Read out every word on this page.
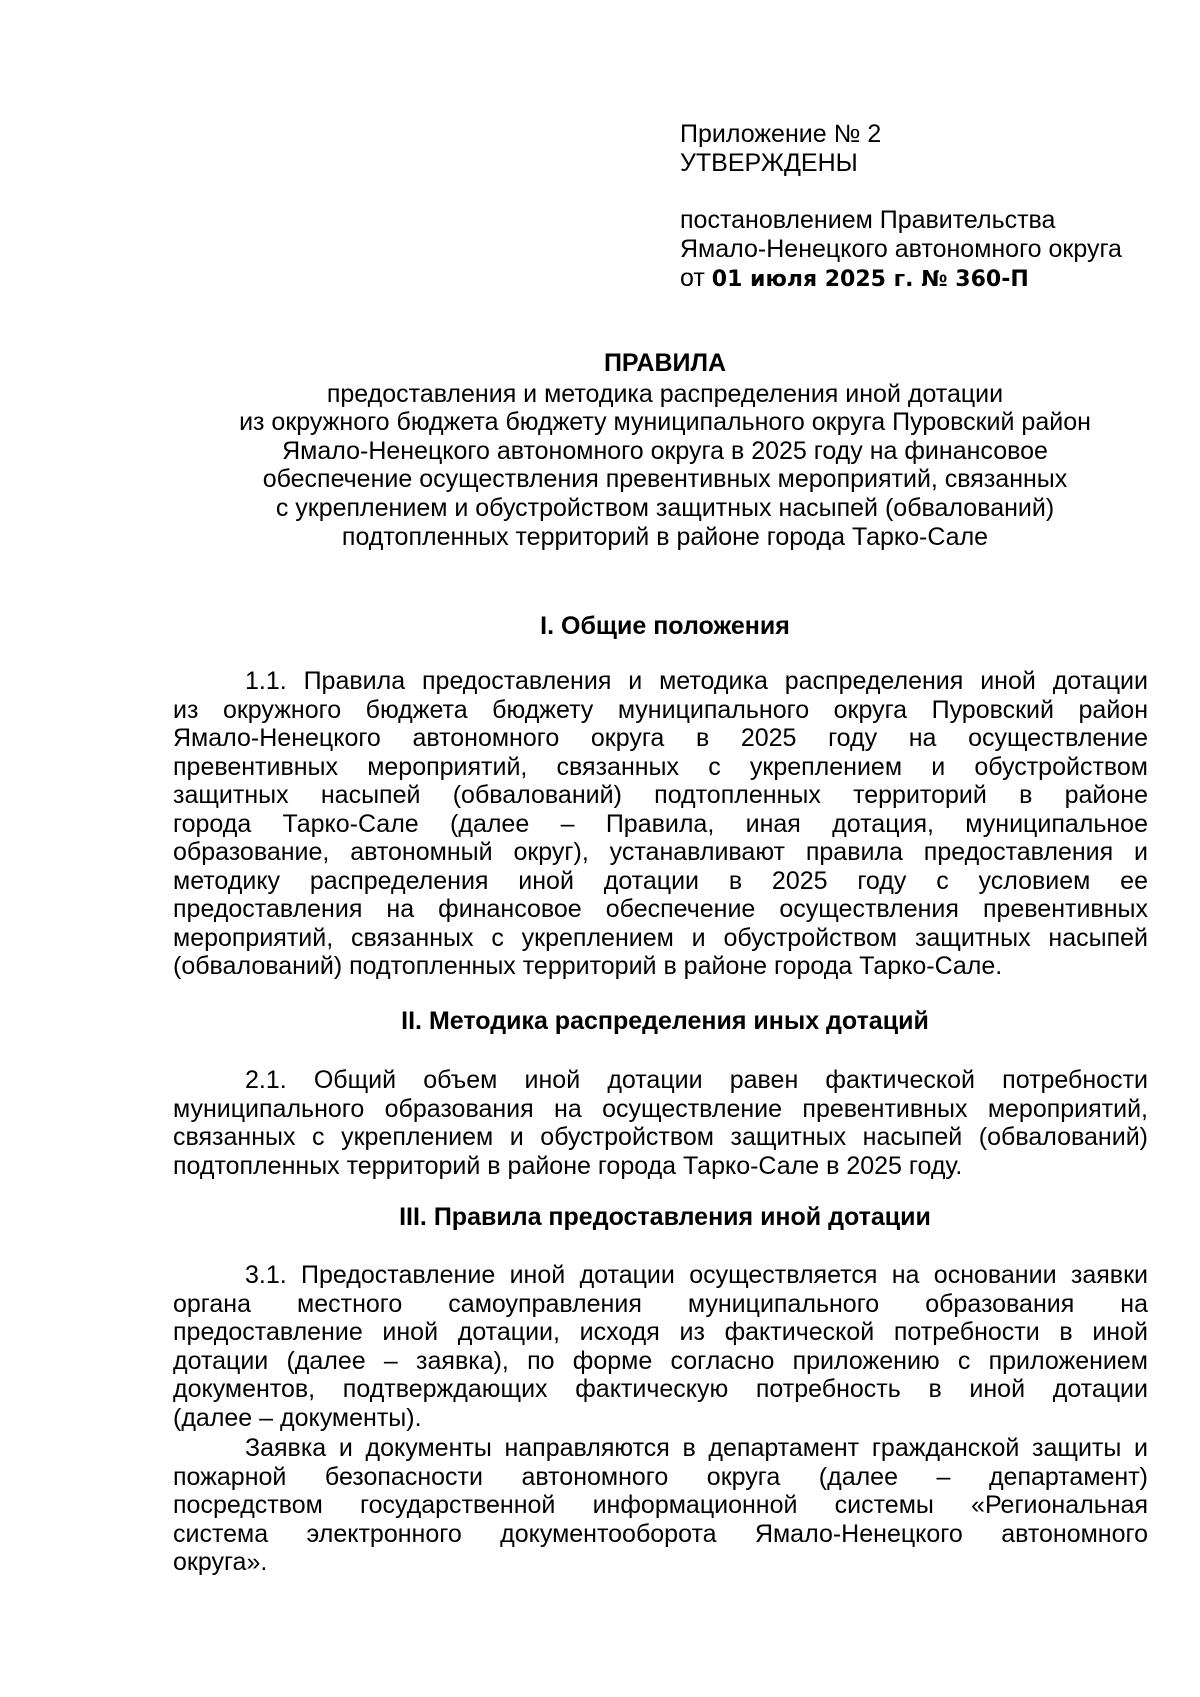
Приложение № 2
УТВЕРЖДЕНЫ
постановлением Правительства
Ямало-Ненецкого автономного округа
от 01 июля 2025 г. № 360-П
ПРАВИЛА
предоставления и методика распределения иной дотации
из окружного бюджета бюджету муниципального округа Пуровский район
Ямало-Ненецкого автономного округа в 2025 году на финансовое
обеспечение осуществления превентивных мероприятий, связанных
с укреплением и обустройством защитных насыпей (обвалований)
подтопленных территорий в районе города Тарко-Сале
I. Общие положения
1.1. Правила предоставления и методика распределения иной дотации
из окружного бюджета бюджету муниципального округа Пуровский район
Ямало-Ненецкого автономного округа в 2025 году на осуществление
превентивных мероприятий, связанных с укреплением и обустройством
защитных насыпей (обвалований) подтопленных территорий в районе
города Тарко-Сале (далее – Правила, иная дотация, муниципальное
образование, автономный округ), устанавливают правила предоставления и
методику распределения иной дотации в 2025 году с условием ее
предоставления на финансовое обеспечение осуществления превентивных
мероприятий, связанных с укреплением и обустройством защитных насыпей
(обвалований) подтопленных территорий в районе города Тарко-Сале.
II. Методика распределения иных дотаций
2.1. Общий объем иной дотации равен фактической потребности
муниципального образования на осуществление превентивных мероприятий,
связанных с укреплением и обустройством защитных насыпей (обвалований)
подтопленных территорий в районе города Тарко-Сале в 2025 году.
III. Правила предоставления иной дотации
3.1. Предоставление иной дотации осуществляется на основании заявки
органа местного самоуправления муниципального образования на
предоставление иной дотации, исходя из фактической потребности в иной
дотации (далее – заявка), по форме согласно приложению с приложением
документов, подтверждающих фактическую потребность в иной дотации
(далее – документы).
Заявка и документы направляются в департамент гражданской защиты и
пожарной безопасности автономного округа (далее – департамент)
посредством государственной информационной системы «Региональная
система электронного документооборота Ямало-Ненецкого автономного
округа».
